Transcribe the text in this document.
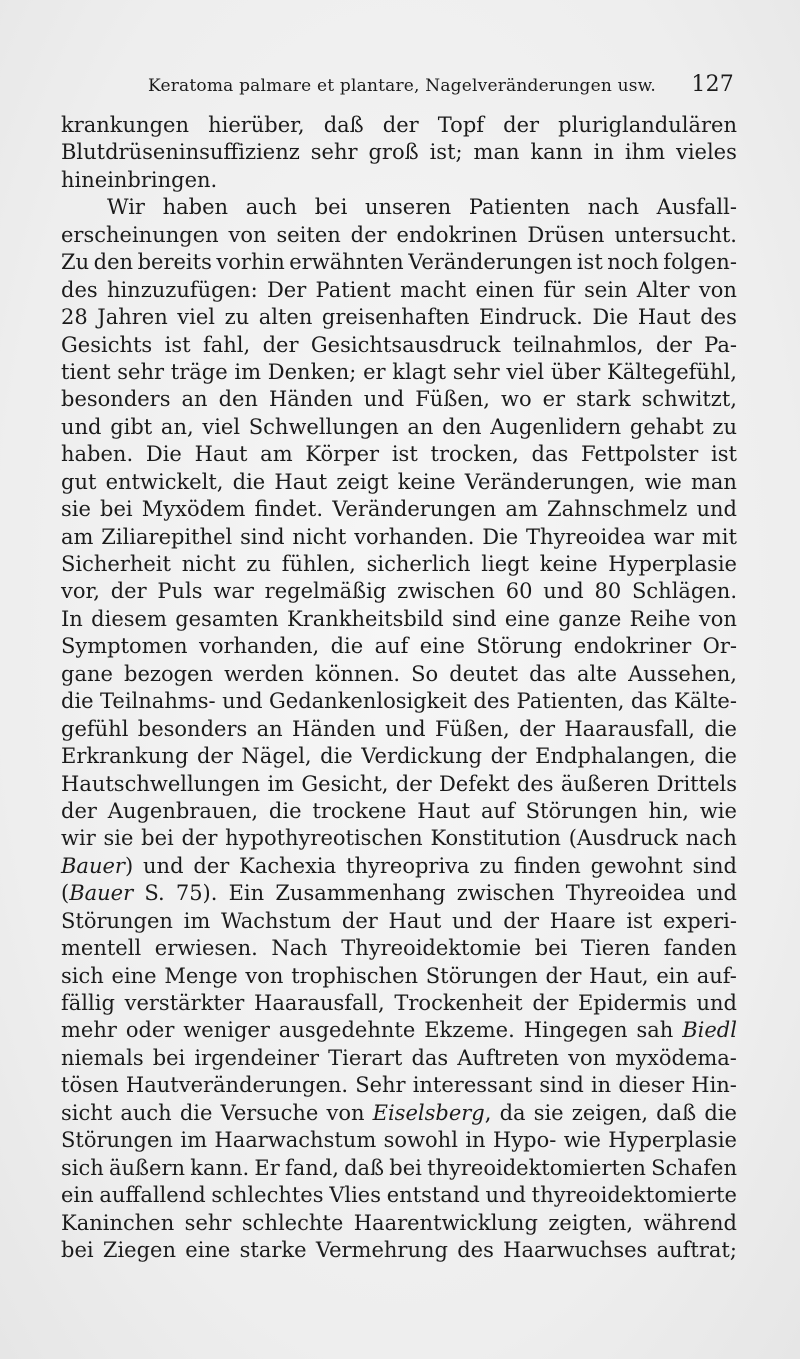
Keratoma palmare et plantare, Nagelveränderungen usw. 127
krankungen hierüber, daß der Topf der pluriglandulären
Blutdrüseninsuffizienz sehr groß ist; man kann in ihm vieles
hineinbringen.
Wir haben auch bei unseren Patienten nach Ausfall-
erscheinungen von seiten der endokrinen Drüsen untersucht.
Zu den bereits vorhin erwähnten Veränderungen ist noch folgen-
des hinzuzufügen: Der Patient macht einen für sein Alter von
28 Jahren viel zu alten greisenhaften Eindruck. Die Haut des
Gesichts ist fahl, der Gesichtsausdruck teilnahmlos, der Pa-
tient sehr träge im Denken; er klagt sehr viel über Kältegefühl,
besonders an den Händen und Füßen, wo er stark schwitzt,
und gibt an, viel Schwellungen an den Augenlidern gehabt zu
haben. Die Haut am Körper ist trocken, das Fettpolster ist
gut entwickelt, die Haut zeigt keine Veränderungen, wie man
sie bei Myxödem findet. Veränderungen am Zahnschmelz und
am Ziliarepithel sind nicht vorhanden. Die Thyreoidea war mit
Sicherheit nicht zu fühlen, sicherlich liegt keine Hyperplasie
vor, der Puls war regelmäßig zwischen 60 und 80 Schlägen.
In diesem gesamten Krankheitsbild sind eine ganze Reihe von
Symptomen vorhanden, die auf eine Störung endokriner Or-
gane bezogen werden können. So deutet das alte Aussehen,
die Teilnahms- und Gedankenlosigkeit des Patienten, das Kälte-
gefühl besonders an Händen und Füßen, der Haarausfall, die
Erkrankung der Nägel, die Verdickung der Endphalangen, die
Hautschwellungen im Gesicht, der Defekt des äußeren Drittels
der Augenbrauen, die trockene Haut auf Störungen hin, wie
wir sie bei der hypothyreotischen Konstitution (Ausdruck nach
Bauer) und der Kachexia thyreopriva zu finden gewohnt sind
(Bauer S. 75). Ein Zusammenhang zwischen Thyreoidea und
Störungen im Wachstum der Haut und der Haare ist experi-
mentell erwiesen. Nach Thyreoidektomie bei Tieren fanden
sich eine Menge von trophischen Störungen der Haut, ein auf-
fällig verstärkter Haarausfall, Trockenheit der Epidermis und
mehr oder weniger ausgedehnte Ekzeme. Hingegen sah Biedl
niemals bei irgendeiner Tierart das Auftreten von myxödema-
tösen Hautveränderungen. Sehr interessant sind in dieser Hin-
sicht auch die Versuche von Eiselsberg, da sie zeigen, daß die
Störungen im Haarwachstum sowohl in Hypo- wie Hyperplasie
sich äußern kann. Er fand, daß bei thyreoidektomierten Schafen
ein auffallend schlechtes Vlies entstand und thyreoidektomierte
Kaninchen sehr schlechte Haarentwicklung zeigten, während
bei Ziegen eine starke Vermehrung des Haarwuchses auftrat;
